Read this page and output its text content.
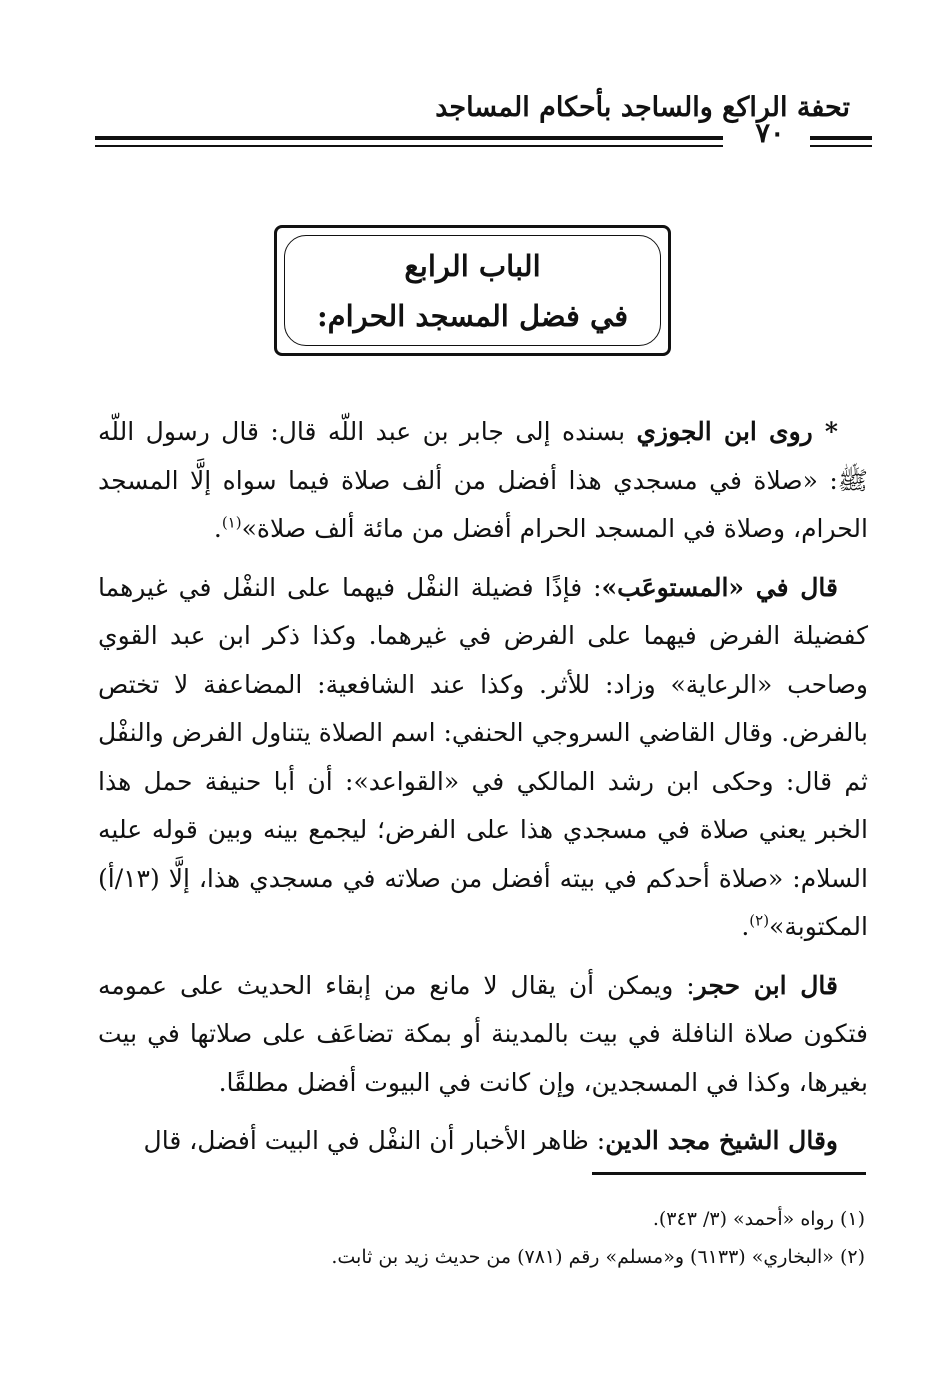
تحفة الراكع والساجد بأحكام المساجد
٧٠
الباب الرابع
في فضل المسجد الحرام:

* روى ابن الجوزي بسنده إلى جابر بن عبد اللّه قال: قال رسول اللّه ﷺ: «صلاة في مسجدي هذا أفضل من ألف صلاة فيما سواه إلَّا المسجد الحرام، وصلاة في المسجد الحرام أفضل من مائة ألف صلاة»$^{(١)}$.

قال في «المستوعَب»: فإذًا فضيلة النفْل فيهما على النفْل في غيرهما كفضيلة الفرض فيهما على الفرض في غيرهما. وكذا ذكر ابن عبد القوي وصاحب «الرعاية» وزاد: للأثر. وكذا عند الشافعية: المضاعفة لا تختص بالفرض. وقال القاضي السروجي الحنفي: اسم الصلاة يتناول الفرض والنفْل ثم قال: وحكى ابن رشد المالكي في «القواعد»: أن أبا حنيفة حمل هذا الخبر يعني صلاة في مسجدي هذا على الفرض؛ ليجمع بينه وبين قوله عليه السلام: «صلاة أحدكم في بيته أفضل من صلاته في مسجدي هذا، إلَّا (١٣/أ) المكتوبة»$^{(٢)}$.

قال ابن حجر: ويمكن أن يقال لا مانع من إبقاء الحديث على عمومه فتكون صلاة النافلة في بيت بالمدينة أو بمكة تضاعَف على صلاتها في بيت بغيرها، وكذا في المسجدين، وإن كانت في البيوت أفضل مطلقًا.

وقال الشيخ مجد الدين: ظاهر الأخبار أن النفْل في البيت أفضل، قال

(١) رواه «أحمد» (٣/ ٣٤٣).
(٢) «البخاري» (٦١٣٣) و«مسلم» رقم (٧٨١) من حديث زيد بن ثابت.
